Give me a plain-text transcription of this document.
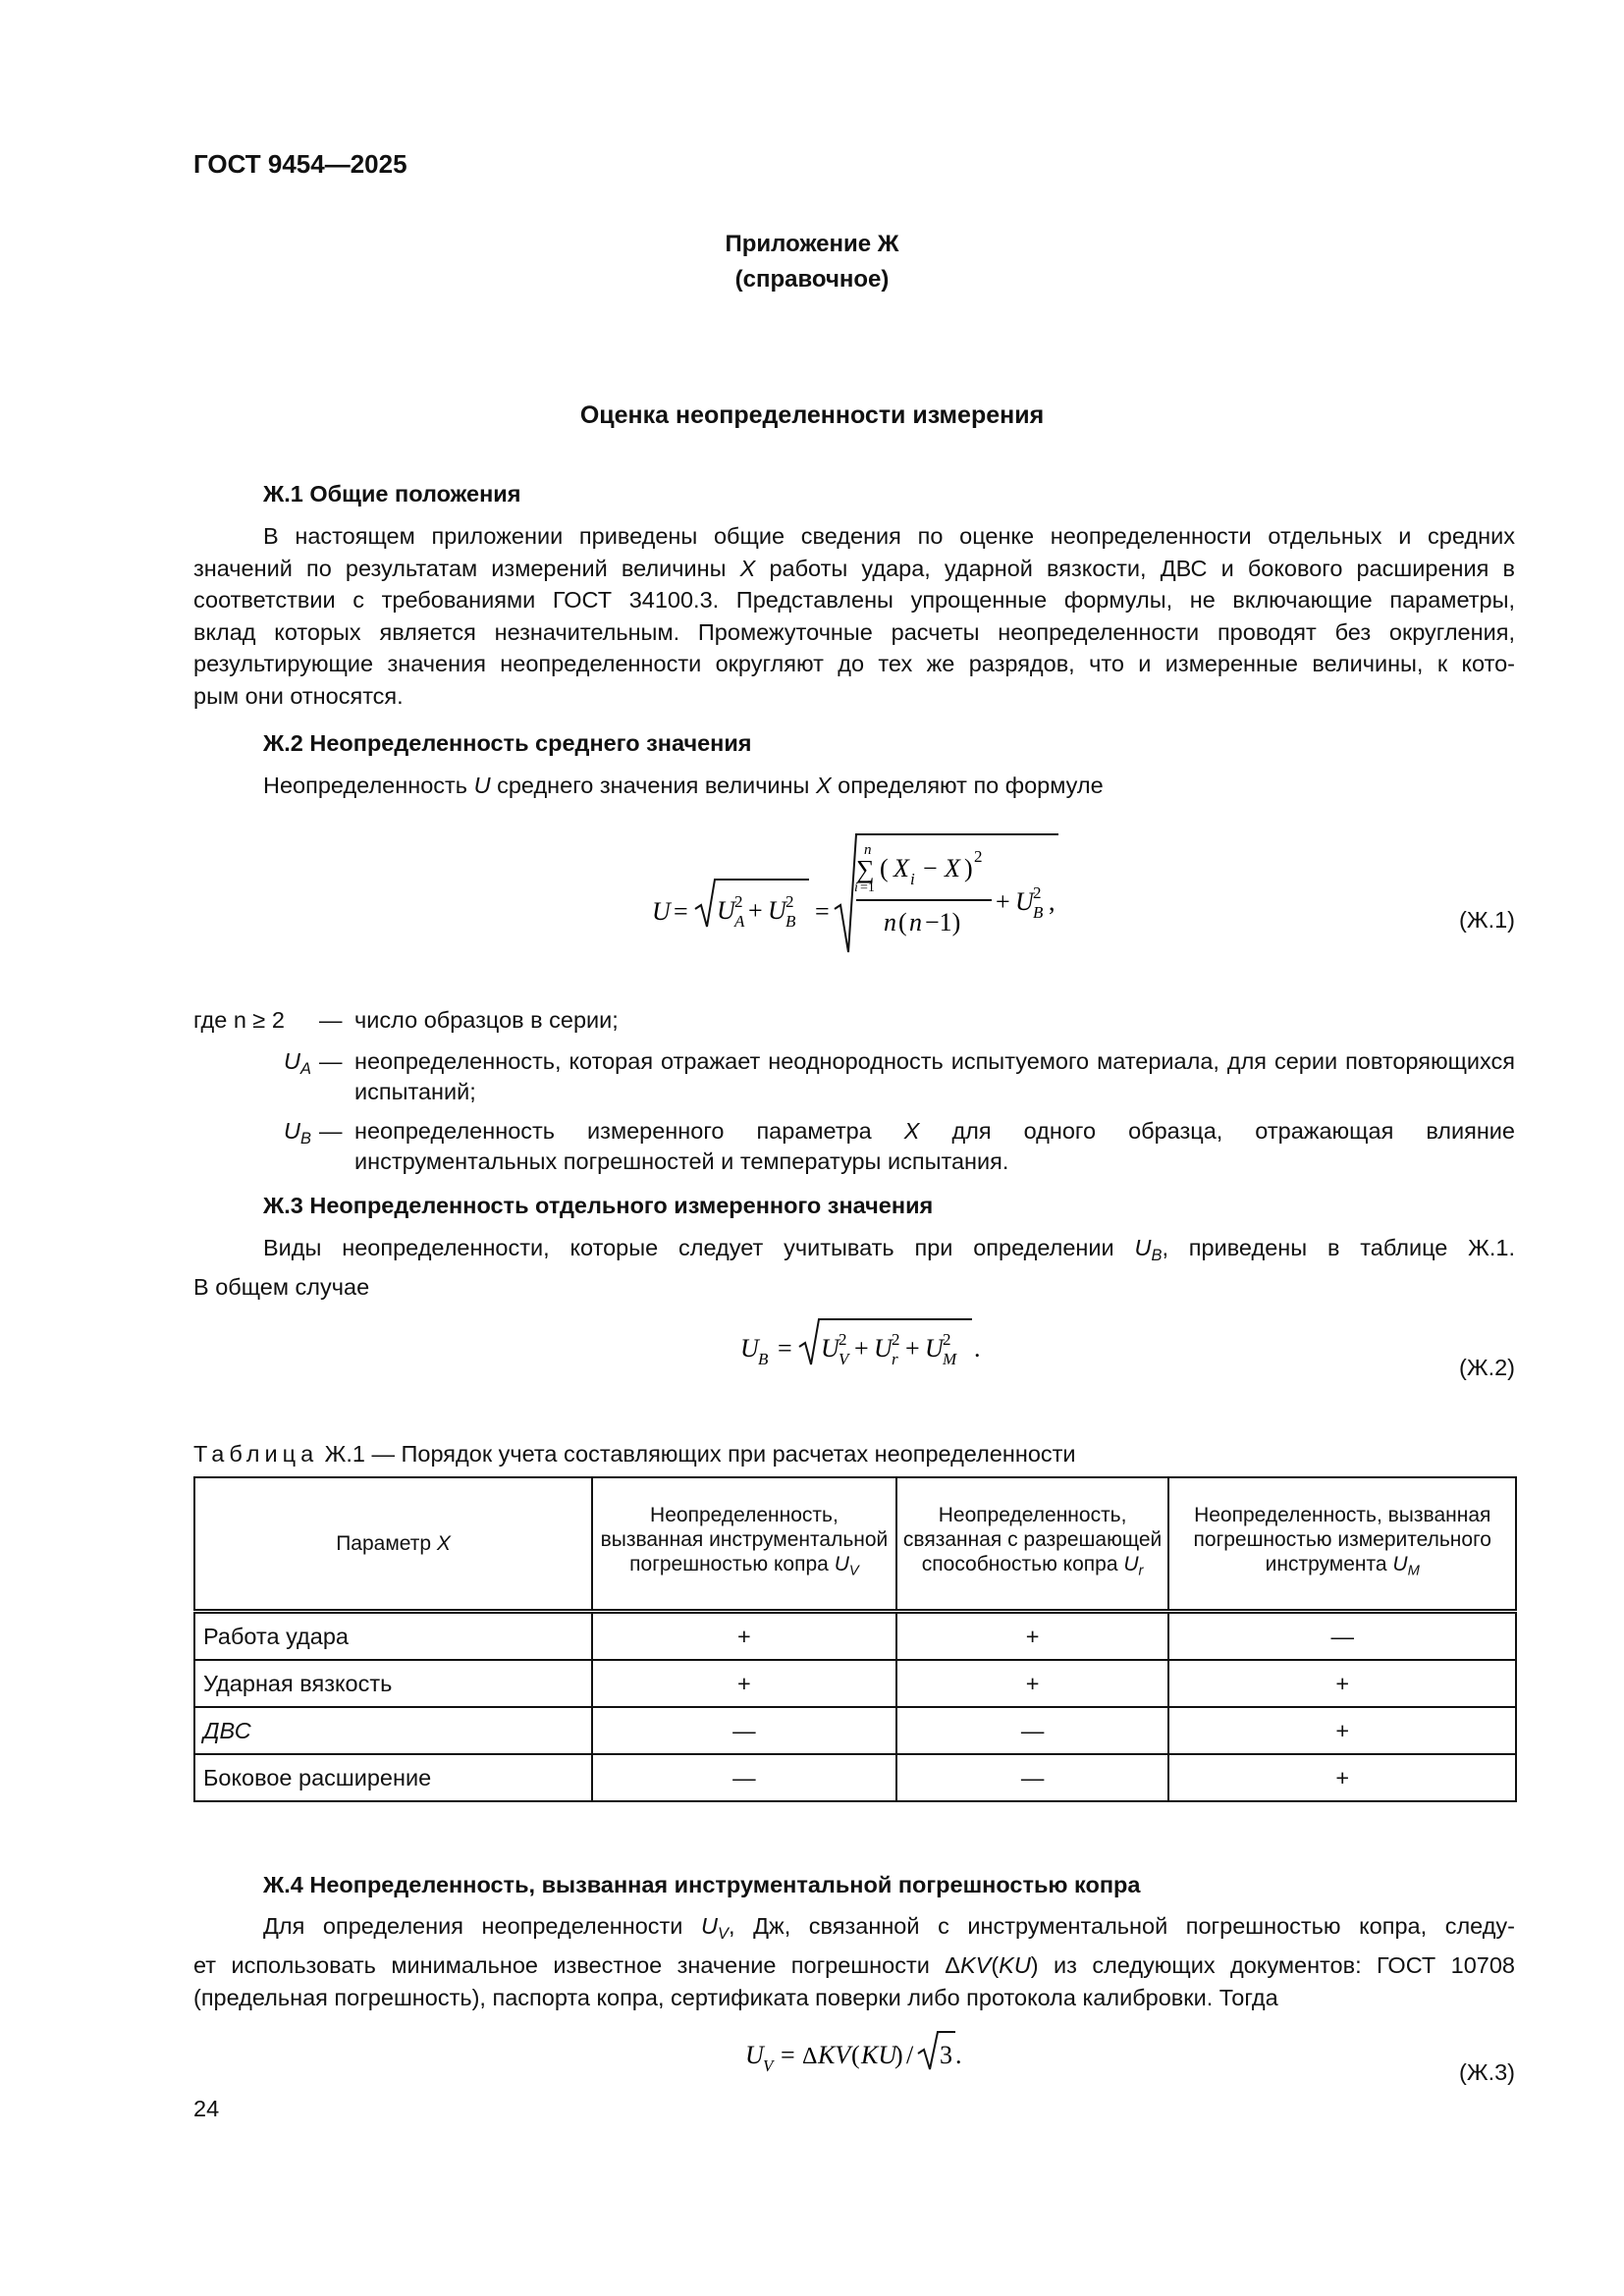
ГОСТ 9454—2025
Приложение Ж
(справочное)
Оценка неопределенности измерения
Ж.1 Общие положения
В настоящем приложении приведены общие сведения по оценке неопределенности отдельных и средних
значений по результатам измерений величины X работы удара, ударной вязкости, ДВС и бокового расширения в
соответствии с требованиями ГОСТ 34100.3. Представлены упрощенные формулы, не включающие параметры,
вклад которых является незначительным. Промежуточные расчеты неопределенности проводят без округления,
результирующие значения неопределенности округляют до тех же разрядов, что и измеренные величины, к кото-
рым они относятся.
Ж.2 Неопределенность среднего значения
Неопределенность U среднего значения величины X определяют по формуле
U = U 2
A + U 2
B =
n
∑
i =1
( X i − X ) 2
n ( n −1)
+ U 2
B ,
(Ж.1)
где n ≥ 2 — число образцов в серии;
$U_A$ — неопределенность, которая отражает неоднородность испытуемого материала, для серии повторяющихся испытаний;
$U_B$ — неопределенность измеренного параметра X для одного образца, отражающая влияние инструментальных погрешностей и температуры испытания.
Ж.3 Неопределенность отдельного измеренного значения
Виды неопределенности, которые следует учитывать при определении $U_B$, приведены в таблице Ж.1.
В общем случае
U B = U 2
V + U 2
r + U 2
M .
(Ж.2)
Таблица Ж.1 — Порядок учета составляющих при расчетах неопределенности
Параметр X	Неопределенность, вызванная инструментальной погрешностью копра $U_V$	Неопределенность, связанная с разрешающей способностью копра $U_r$	Неопределенность, вызванная погрешностью измерительного инструмента $U_M$
Работа удара	+	+	—
Ударная вязкость	+	+	+
ДВС	—	—	+
Боковое расширение	—	—	+
Ж.4 Неопределенность, вызванная инструментальной погрешностью копра
Для определения неопределенности $U_V$, Дж, связанной с инструментальной погрешностью копра, следу-
ет использовать минимальное известное значение погрешности ΔKV(KU) из следующих документов: ГОСТ 10708
(предельная погрешность), паспорта копра, сертификата поверки либо протокола калибровки. Тогда
U V = Δ KV ( KU
) / 3 .
(Ж.3)
24
